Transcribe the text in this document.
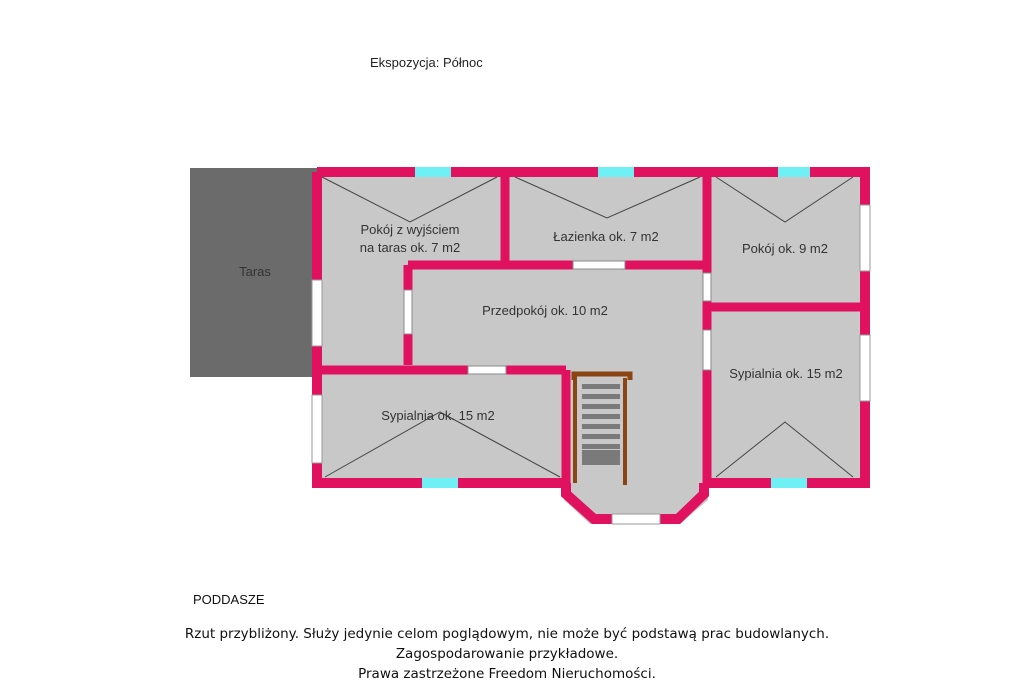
Taras
Pokój z wyjściem
na taras ok. 7 m2
Łazienka ok. 7 m2
Pokój ok. 9 m2
Przedpokój ok. 10 m2
Sypialnia ok. 15 m2
Sypialnia ok. 15 m2
Ekspozycja: Północ
PODDASZE
Rzut przybliżony. Służy jedynie celom poglądowym, nie może być podstawą prac budowlanych.
Zagospodarowanie przykładowe.
Prawa zastrzeżone Freedom Nieruchomości.
